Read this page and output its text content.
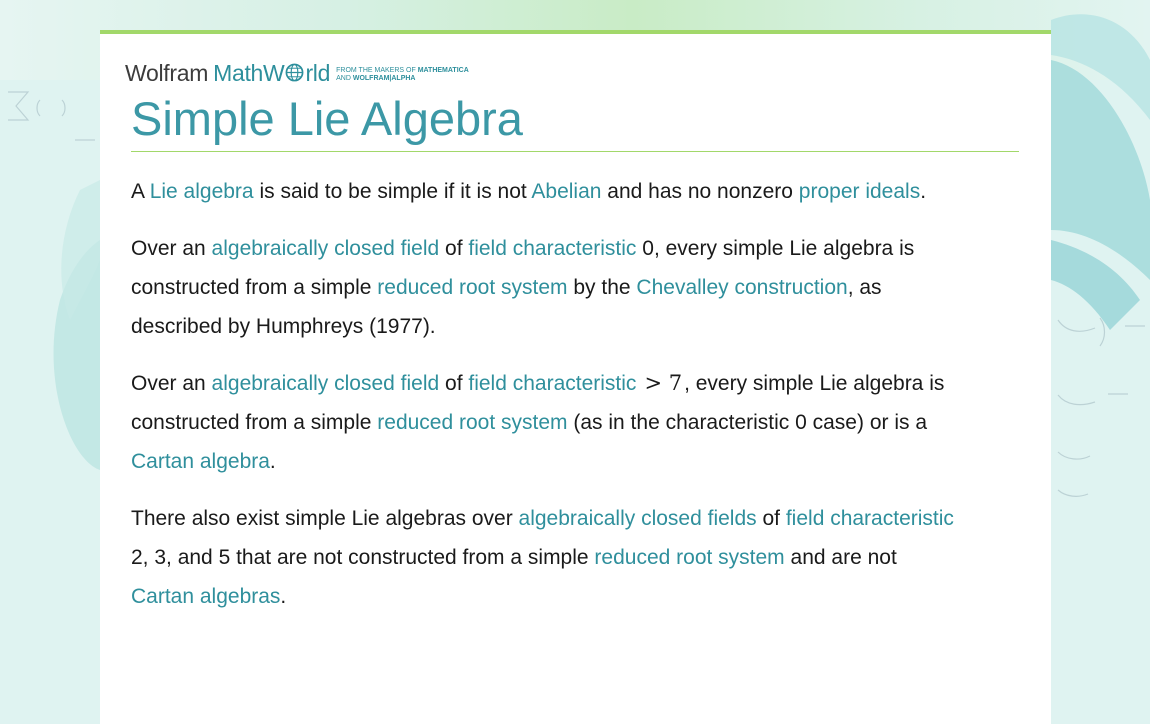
Wolfram MathW rld FROM THE MAKERS OF MATHEMATICA
AND WOLFRAM|ALPHA
Simple Lie Algebra

A Lie algebra is said to be simple if it is not Abelian and has no nonzero proper ideals.

Over an algebraically closed field of field characteristic 0, every simple Lie algebra is
constructed from a simple reduced root system by the Chevalley construction, as
described by Humphreys (1977).

Over an algebraically closed field of field characteristic > 7, every simple Lie algebra is
constructed from a simple reduced root system (as in the characteristic 0 case) or is a
Cartan algebra.

There also exist simple Lie algebras over algebraically closed fields of field characteristic
2, 3, and 5 that are not constructed from a simple reduced root system and are not
Cartan algebras.
